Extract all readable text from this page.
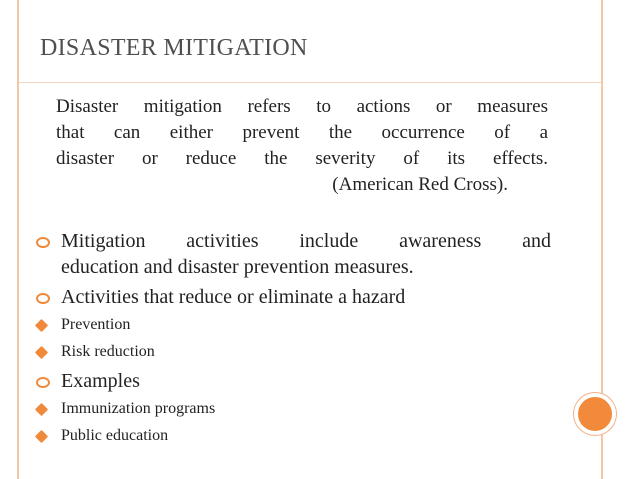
DISASTER MITIGATION
Disaster mitigation refers to actions or measures
that can either prevent the occurrence of a
disaster or reduce the severity of its effects.
(American Red Cross).
Mitigation activities include awareness and
education and disaster prevention measures.
Activities that reduce or eliminate a hazard
Prevention
Risk reduction
Examples
Immunization programs
Public education
